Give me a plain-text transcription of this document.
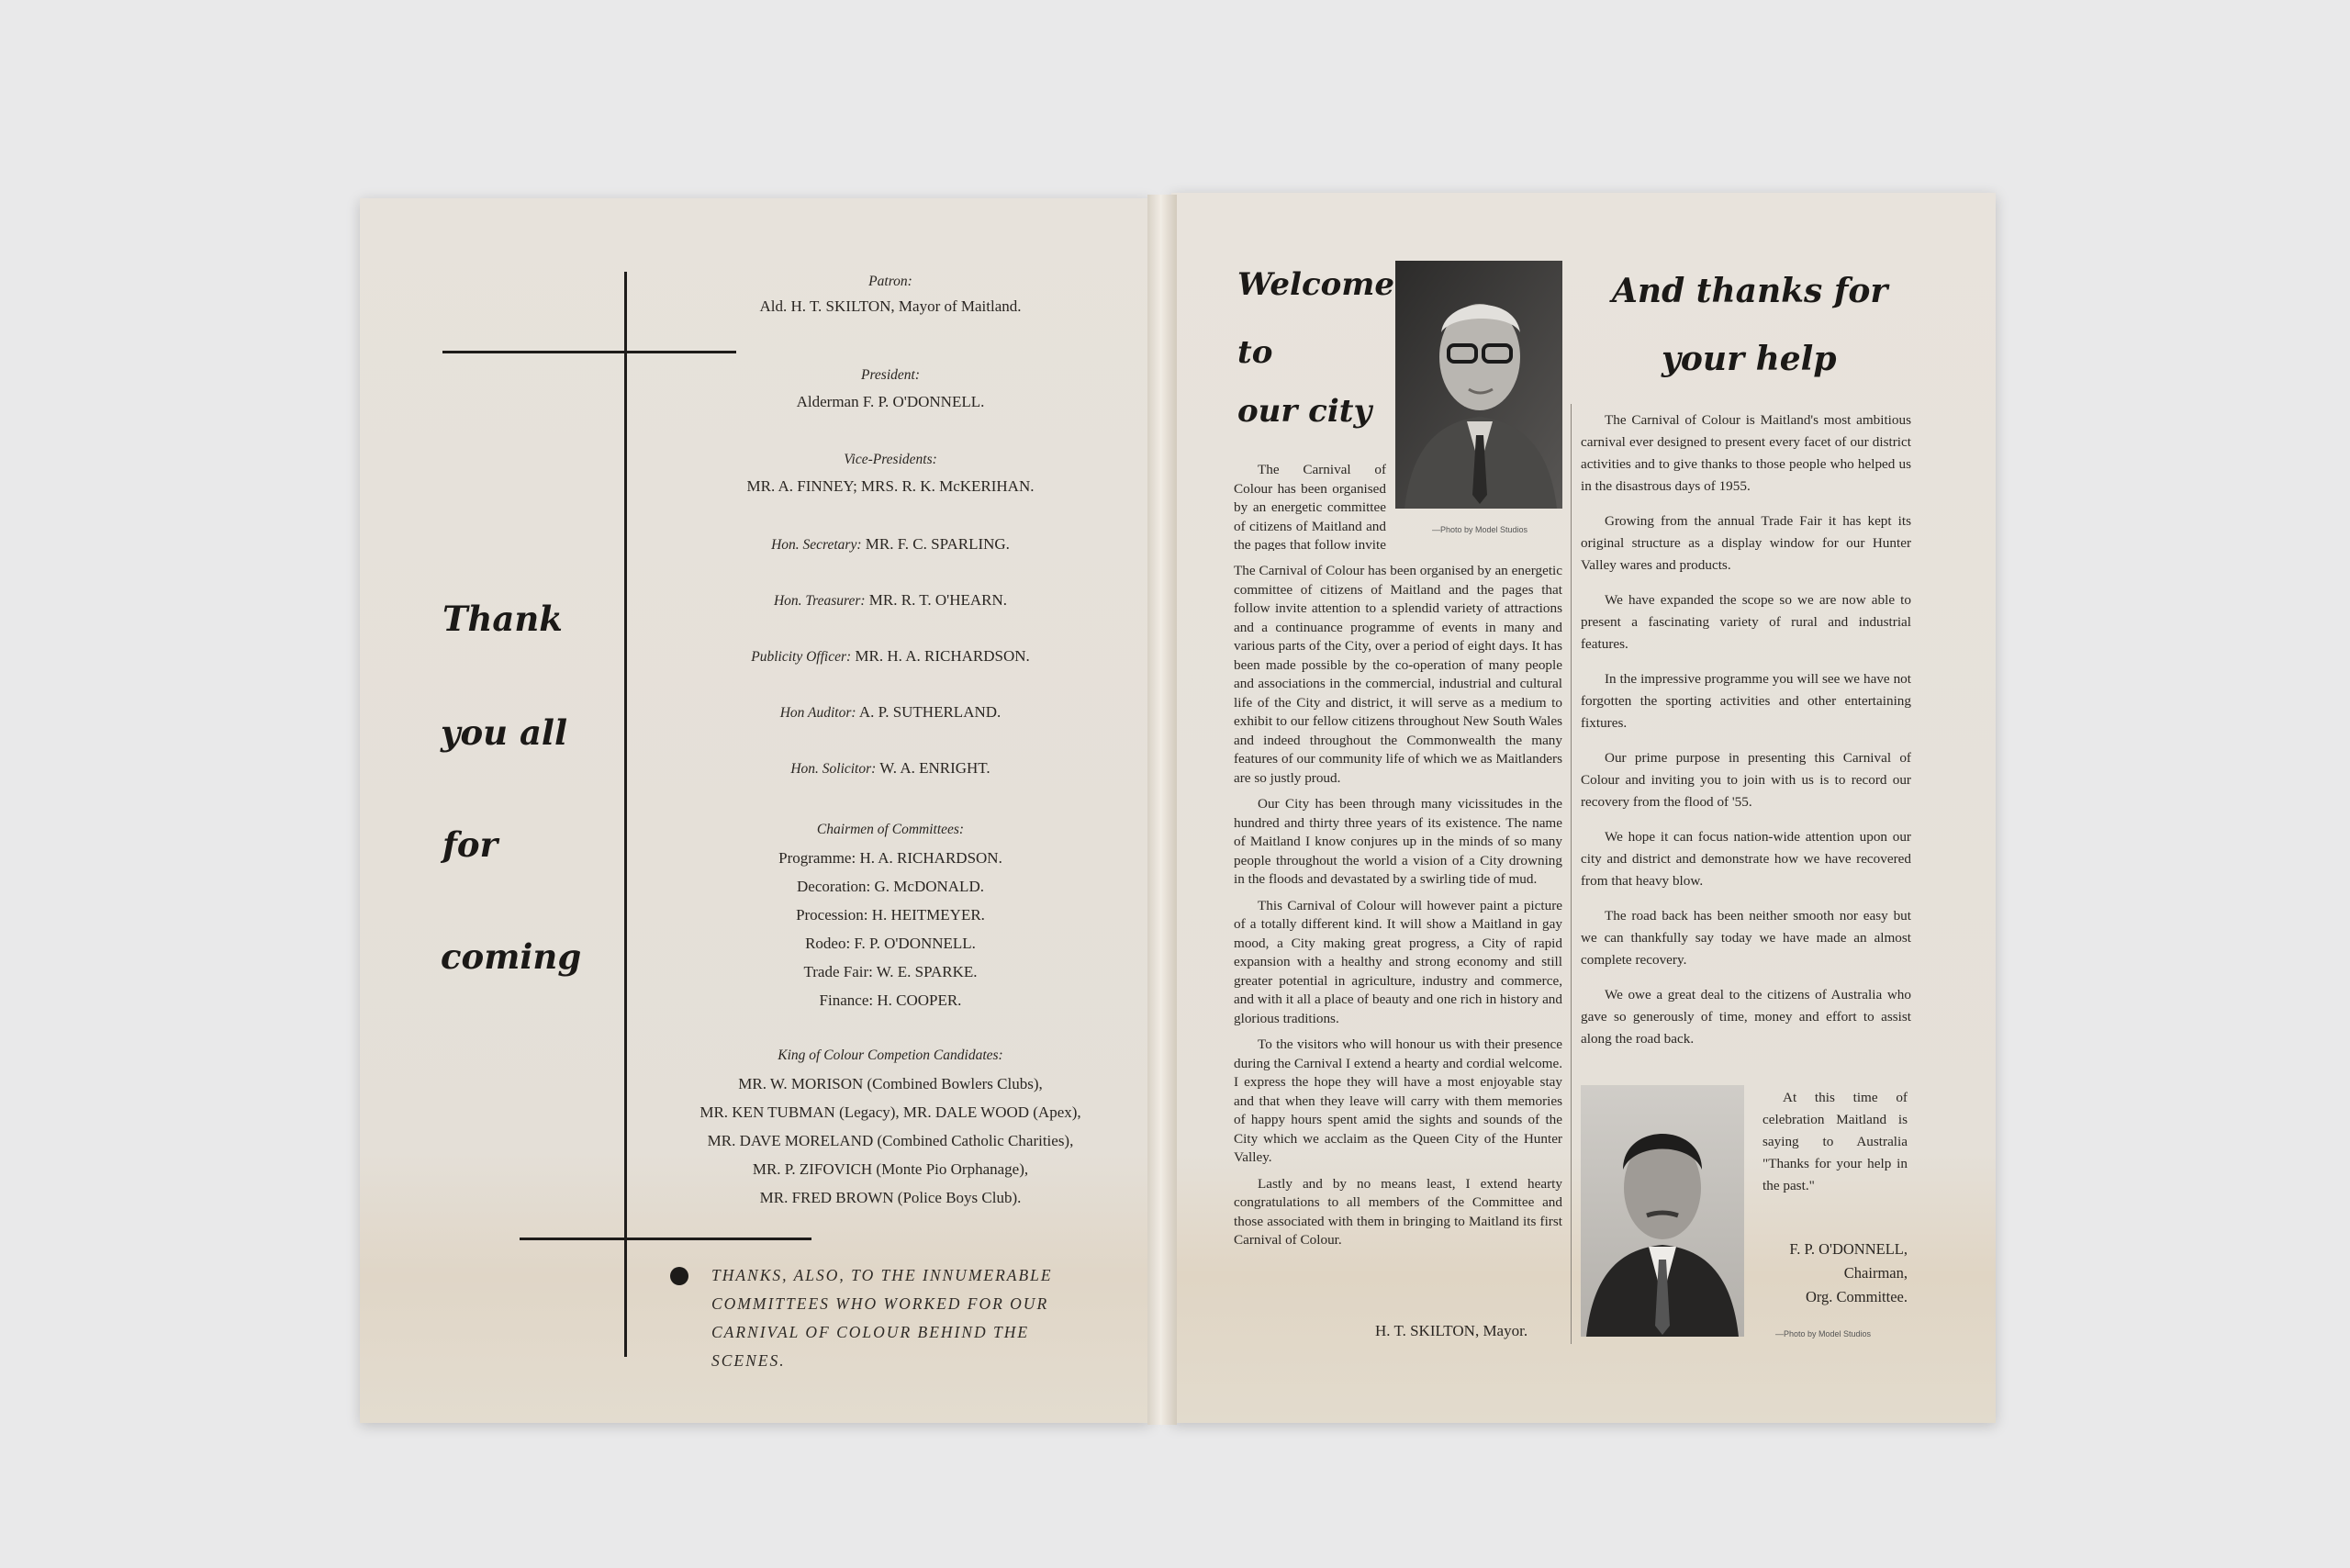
Thank
you all
for
coming
Patron:
Ald. H. T. SKILTON, Mayor of Maitland.
President:
Alderman F. P. O'DONNELL.
Vice-Presidents:
MR. A. FINNEY; MRS. R. K. McKERIHAN.
Hon. Secretary: MR. F. C. SPARLING.
Hon. Treasurer: MR. R. T. O'HEARN.
Publicity Officer: MR. H. A. RICHARDSON.
Hon Auditor: A. P. SUTHERLAND.
Hon. Solicitor: W. A. ENRIGHT.
Chairmen of Committees:
Programme: H. A. RICHARDSON.
Decoration: G. McDONALD.
Procession: H. HEITMEYER.
Rodeo: F. P. O'DONNELL.
Trade Fair: W. E. SPARKE.
Finance: H. COOPER.
King of Colour Competion Candidates:
MR. W. MORISON (Combined Bowlers Clubs),
MR. KEN TUBMAN (Legacy), MR. DALE WOOD (Apex),
MR. DAVE MORELAND (Combined Catholic Charities),
MR. P. ZIFOVICH (Monte Pio Orphanage),
MR. FRED BROWN (Police Boys Club).
THANKS, ALSO, TO THE INNUMERABLE COMMITTEES WHO WORKED FOR OUR CARNIVAL OF COLOUR BEHIND THE SCENES.
Welcome
to
our city
—Photo by Model Studios

The Carnival of Colour has been organised by an energetic committee of citizens of Maitland and the pages that follow invite

The Carnival of Colour has been organised by an energetic committee of citizens of Maitland and the pages that follow invite attention to a splendid variety of attractions and a continuance programme of events in many and various parts of the City, over a period of eight days. It has been made possible by the co-operation of many people and associations in the commercial, industrial and cultural life of the City and district, it will serve as a medium to exhibit to our fellow citizens throughout New South Wales and indeed throughout the Commonwealth the many features of our community life of which we as Maitlanders are so justly proud.

Our City has been through many vicissitudes in the hundred and thirty three years of its existence. The name of Maitland I know conjures up in the minds of so many people throughout the world a vision of a City drowning in the floods and devastated by a swirling tide of mud.

This Carnival of Colour will however paint a picture of a totally different kind. It will show a Maitland in gay mood, a City making great progress, a City of rapid expansion with a healthy and strong economy and still greater potential in agriculture, industry and commerce, and with it all a place of beauty and one rich in history and glorious traditions.

To the visitors who will honour us with their presence during the Carnival I extend a hearty and cordial welcome. I express the hope they will have a most enjoyable stay and that when they leave will carry with them memories of happy hours spent amid the sights and sounds of the City which we acclaim as the Queen City of the Hunter Valley.

Lastly and by no means least, I extend hearty congratulations to all members of the Committee and those associated with them in bringing to Maitland its first Carnival of Colour.

H. T. SKILTON, Mayor.
And thanks for
your help

The Carnival of Colour is Maitland's most ambitious carnival ever designed to present every facet of our district activities and to give thanks to those people who helped us in the disastrous days of 1955.

Growing from the annual Trade Fair it has kept its original structure as a display window for our Hunter Valley wares and products.

We have expanded the scope so we are now able to present a fascinating variety of rural and industrial features.

In the impressive programme you will see we have not forgotten the sporting activities and other entertaining fixtures.

Our prime purpose in presenting this Carnival of Colour and inviting you to join with us is to record our recovery from the flood of '55.

We hope it can focus nation-wide attention upon our city and district and demonstrate how we have recovered from that heavy blow.

The road back has been neither smooth nor easy but we can thankfully say today we have made an almost complete recovery.

We owe a great deal to the citizens of Australia who gave so generously of time, money and effort to assist along the road back.

At this time of celebration Maitland is saying to Australia "Thanks for your help in the past."

F. P. O'DONNELL,
Chairman,
Org. Committee.
—Photo by Model Studios
